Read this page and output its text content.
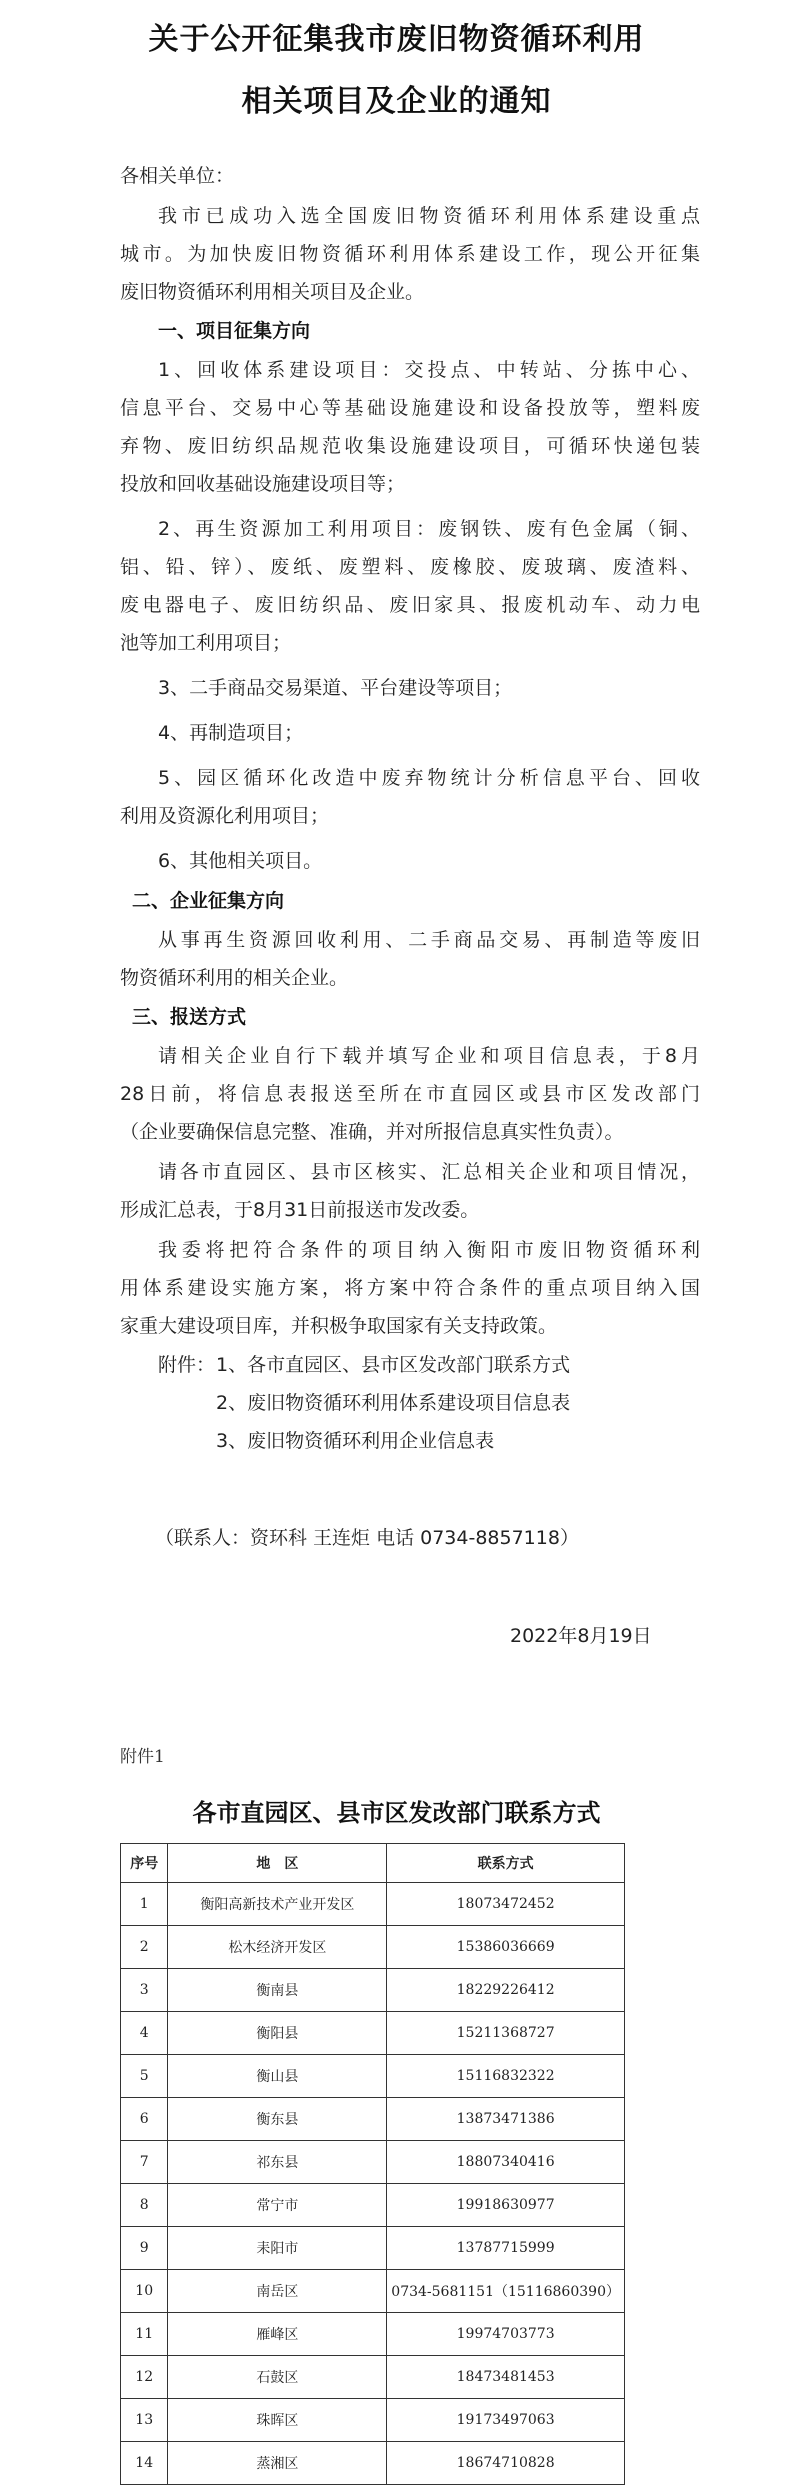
关于公开征集我市废旧物资循环利用
相关项目及企业的通知
各相关单位：
我市已成功入选全国废旧物资循环利用体系建设重点
城市。为加快废旧物资循环利用体系建设工作，现公开征集
废旧物资循环利用相关项目及企业。
一、项目征集方向
1、回收体系建设项目：交投点、中转站、分拣中心、
信息平台、交易中心等基础设施建设和设备投放等，塑料废
弃物、废旧纺织品规范收集设施建设项目，可循环快递包装
投放和回收基础设施建设项目等；
2、再生资源加工利用项目：废钢铁、废有色金属（铜、
铝、铅、锌）、废纸、废塑料、废橡胶、废玻璃、废渣料、
废电器电子、废旧纺织品、废旧家具、报废机动车、动力电
池等加工利用项目；
3、二手商品交易渠道、平台建设等项目；
4、再制造项目；
5、园区循环化改造中废弃物统计分析信息平台、回收
利用及资源化利用项目；
6、其他相关项目。
二、企业征集方向
从事再生资源回收利用、二手商品交易、再制造等废旧
物资循环利用的相关企业。
三、报送方式
请相关企业自行下载并填写企业和项目信息表，于8月
28日前，将信息表报送至所在市直园区或县市区发改部门
（企业要确保信息完整、准确，并对所报信息真实性负责）。
请各市直园区、县市区核实、汇总相关企业和项目情况，
形成汇总表，于8月31日前报送市发改委。
我委将把符合条件的项目纳入衡阳市废旧物资循环利
用体系建设实施方案，将方案中符合条件的重点项目纳入国
家重大建设项目库，并积极争取国家有关支持政策。
附件： 1、各市直园区、县市区发改部门联系方式
2、废旧物资循环利用体系建设项目信息表
3、废旧物资循环利用企业信息表
（联系人：资环科 王连炬 电话 0734-8857118）
2022年8月19日
附件1
各市直园区、县市区发改部门联系方式
序号	地　区	联系方式
1	衡阳高新技术产业开发区	18073472452
2	松木经济开发区	15386036669
3	衡南县	18229226412
4	衡阳县	15211368727
5	衡山县	15116832322
6	衡东县	13873471386
7	祁东县	18807340416
8	常宁市	19918630977
9	耒阳市	13787715999
10	南岳区	0734-5681151（15116860390）
11	雁峰区	19974703773
12	石鼓区	18473481453
13	珠晖区	19173497063
14	蒸湘区	18674710828
